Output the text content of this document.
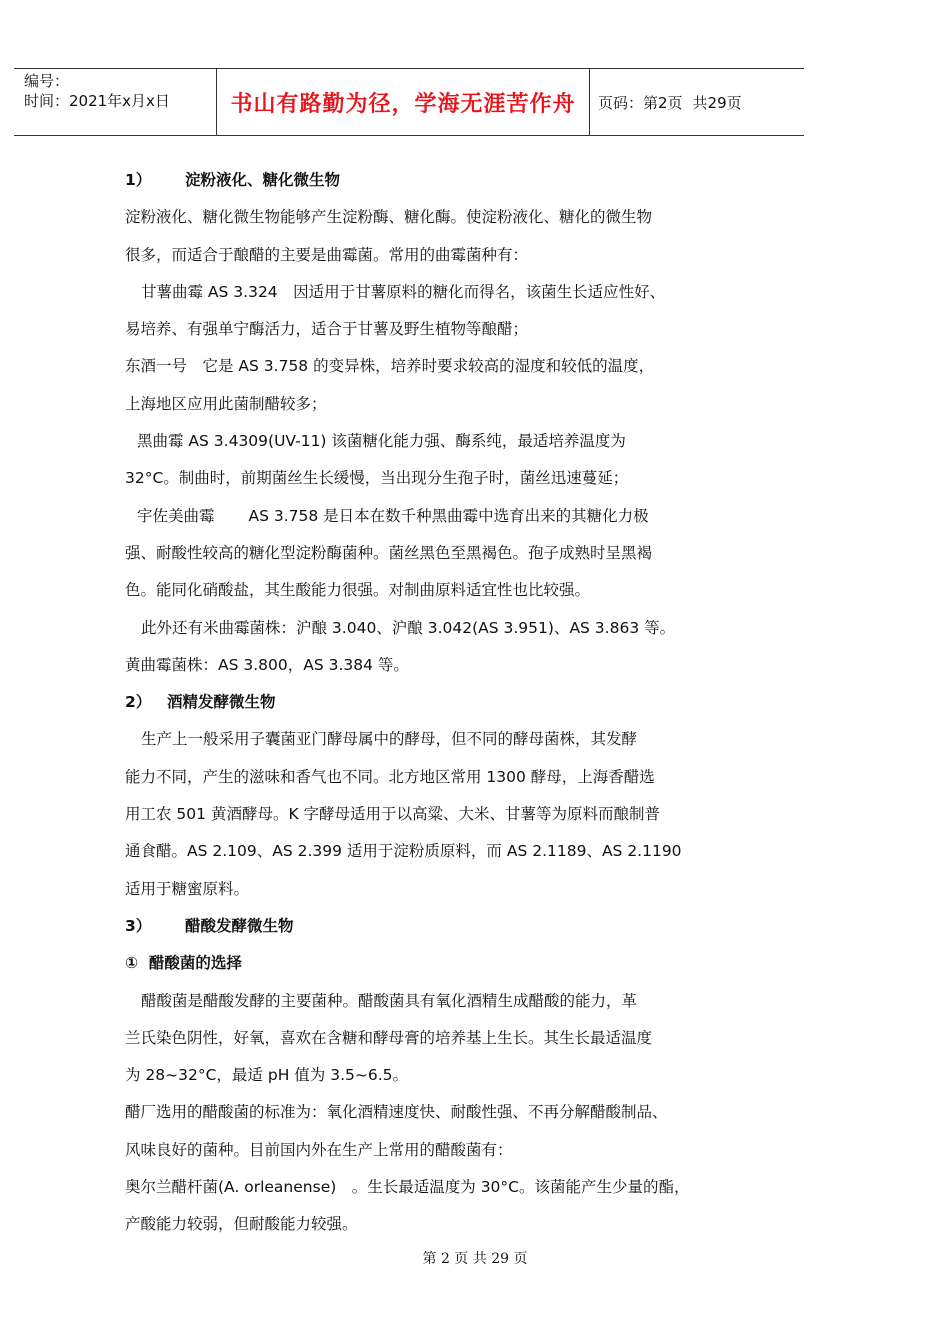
编号：
时间：2021年x月x日	书山有路勤为径，学海无涯苦作舟	页码：第2页 共29页
1） 淀粉液化、糖化微生物
淀粉液化、糖化微生物能够产生淀粉酶、糖化酶。使淀粉液化、糖化的微生物
很多，而适合于酿醋的主要是曲霉菌。常用的曲霉菌种有：
甘薯曲霉 AS 3.324　因适用于甘薯原料的糖化而得名，该菌生长适应性好、
易培养、有强单宁酶活力，适合于甘薯及野生植物等酿醋；
东酒一号　它是 AS 3.758 的变异株，培养时要求较高的湿度和较低的温度，
上海地区应用此菌制醋较多；
黑曲霉 AS 3.4309(UV-11) 该菌糖化能力强、酶系纯，最适培养温度为
32°C。制曲时，前期菌丝生长缓慢，当出现分生孢子时，菌丝迅速蔓延；
宇佐美曲霉 AS 3.758 是日本在数千种黑曲霉中选育出来的其糖化力极
强、耐酸性较高的糖化型淀粉酶菌种。菌丝黑色至黑褐色。孢子成熟时呈黑褐
色。能同化硝酸盐，其生酸能力很强。对制曲原料适宜性也比较强。
此外还有米曲霉菌株：沪酿 3.040、沪酿 3.042(AS 3.951)、AS 3.863 等。
黄曲霉菌株：AS 3.800，AS 3.384 等。
2） 酒精发酵微生物
生产上一般采用子囊菌亚门酵母属中的酵母，但不同的酵母菌株，其发酵
能力不同，产生的滋味和香气也不同。北方地区常用 1300 酵母，上海香醋选
用工农 501 黄酒酵母。K 字酵母适用于以高粱、大米、甘薯等为原料而酿制普
通食醋。AS 2.109、AS 2.399 适用于淀粉质原料，而 AS 2.1189、AS 2.1190
适用于糖蜜原料。
3） 醋酸发酵微生物
① 醋酸菌的选择
醋酸菌是醋酸发酵的主要菌种。醋酸菌具有氧化酒精生成醋酸的能力，革
兰氏染色阴性，好氧，喜欢在含糖和酵母膏的培养基上生长。其生长最适温度
为 28~32°C，最适 pH 值为 3.5~6.5。
醋厂选用的醋酸菌的标准为：氧化酒精速度快、耐酸性强、不再分解醋酸制品、
风味良好的菌种。目前国内外在生产上常用的醋酸菌有：
奥尔兰醋杆菌(A. orleanense)　。生长最适温度为 30°C。该菌能产生少量的酯，
产酸能力较弱，但耐酸能力较强。
第 2 页 共 29 页
